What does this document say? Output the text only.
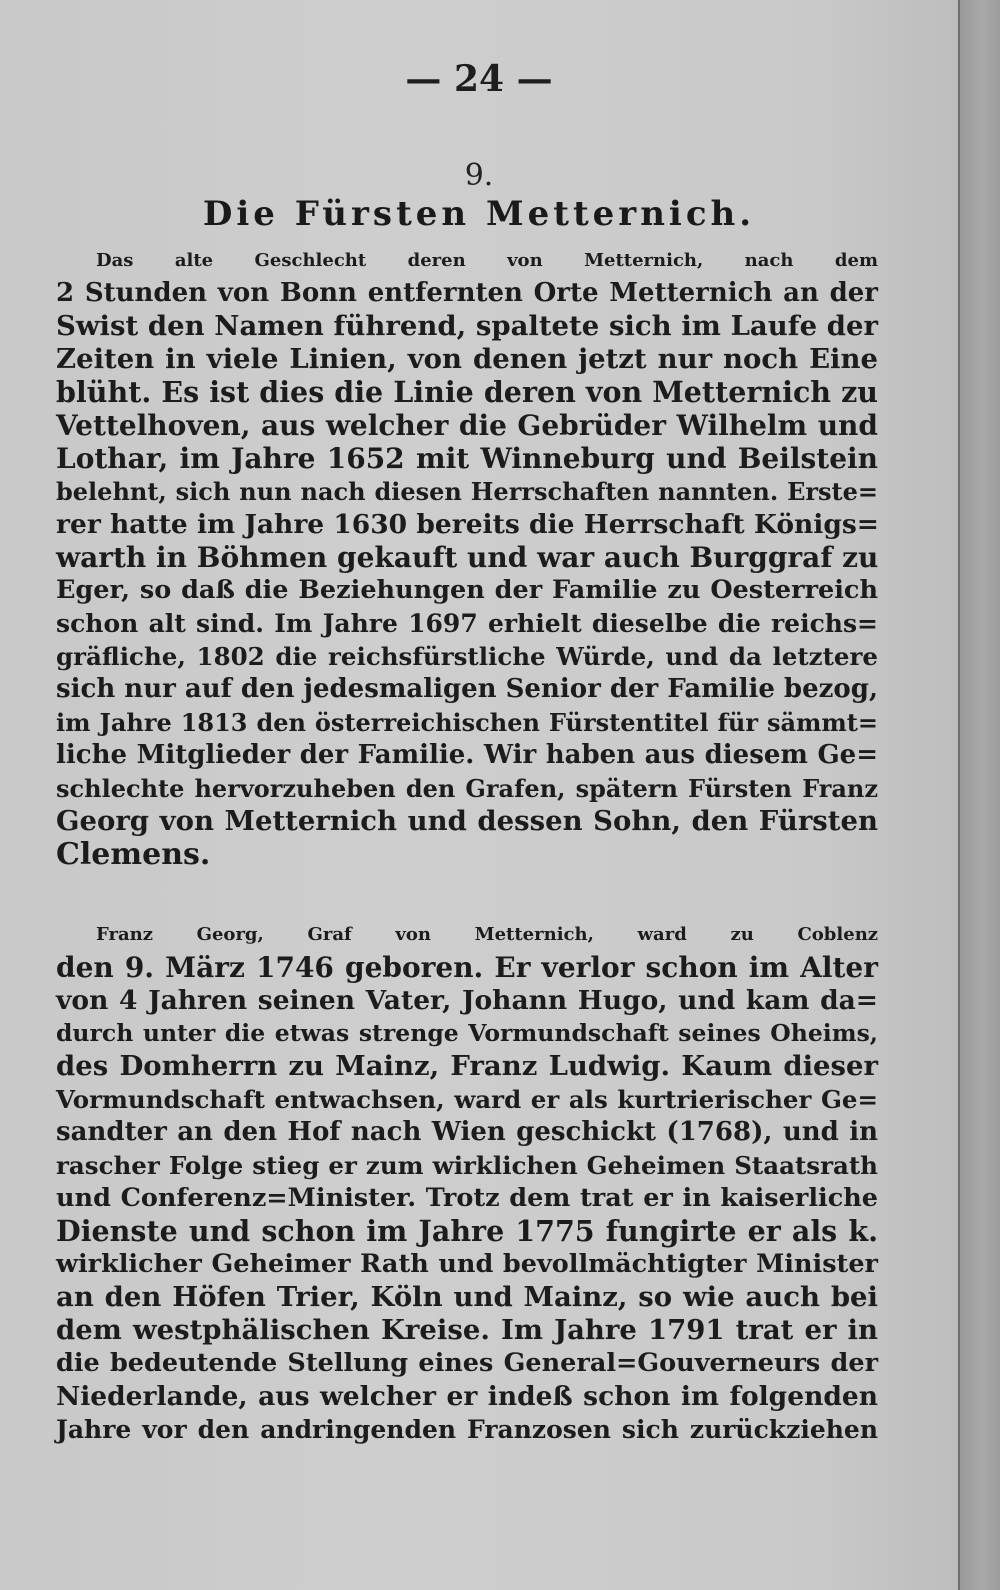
— 24 —
9.
Die Fürsten Metternich.
Das alte Geschlecht deren von Metternich, nach dem
2 Stunden von Bonn entfernten Orte Metternich an der
Swist den Namen führend, spaltete sich im Laufe der
Zeiten in viele Linien, von denen jetzt nur noch Eine
blüht. Es ist dies die Linie deren von Metternich zu
Vettelhoven, aus welcher die Gebrüder Wilhelm und
Lothar, im Jahre 1652 mit Winneburg und Beilstein
belehnt, sich nun nach diesen Herrschaften nannten. Erste=
rer hatte im Jahre 1630 bereits die Herrschaft Königs=
warth in Böhmen gekauft und war auch Burggraf zu
Eger, so daß die Beziehungen der Familie zu Oesterreich
schon alt sind. Im Jahre 1697 erhielt dieselbe die reichs=
gräfliche, 1802 die reichsfürstliche Würde, und da letztere
sich nur auf den jedesmaligen Senior der Familie bezog,
im Jahre 1813 den österreichischen Fürstentitel für sämmt=
liche Mitglieder der Familie. Wir haben aus diesem Ge=
schlechte hervorzuheben den Grafen, spätern Fürsten Franz
Georg von Metternich und dessen Sohn, den Fürsten
Clemens.
Franz Georg, Graf von Metternich, ward zu Coblenz
den 9. März 1746 geboren. Er verlor schon im Alter
von 4 Jahren seinen Vater, Johann Hugo, und kam da=
durch unter die etwas strenge Vormundschaft seines Oheims,
des Domherrn zu Mainz, Franz Ludwig. Kaum dieser
Vormundschaft entwachsen, ward er als kurtrierischer Ge=
sandter an den Hof nach Wien geschickt (1768), und in
rascher Folge stieg er zum wirklichen Geheimen Staatsrath
und Conferenz=Minister. Trotz dem trat er in kaiserliche
Dienste und schon im Jahre 1775 fungirte er als k.
wirklicher Geheimer Rath und bevollmächtigter Minister
an den Höfen Trier, Köln und Mainz, so wie auch bei
dem westphälischen Kreise. Im Jahre 1791 trat er in
die bedeutende Stellung eines General=Gouverneurs der
Niederlande, aus welcher er indeß schon im folgenden
Jahre vor den andringenden Franzosen sich zurückziehen
